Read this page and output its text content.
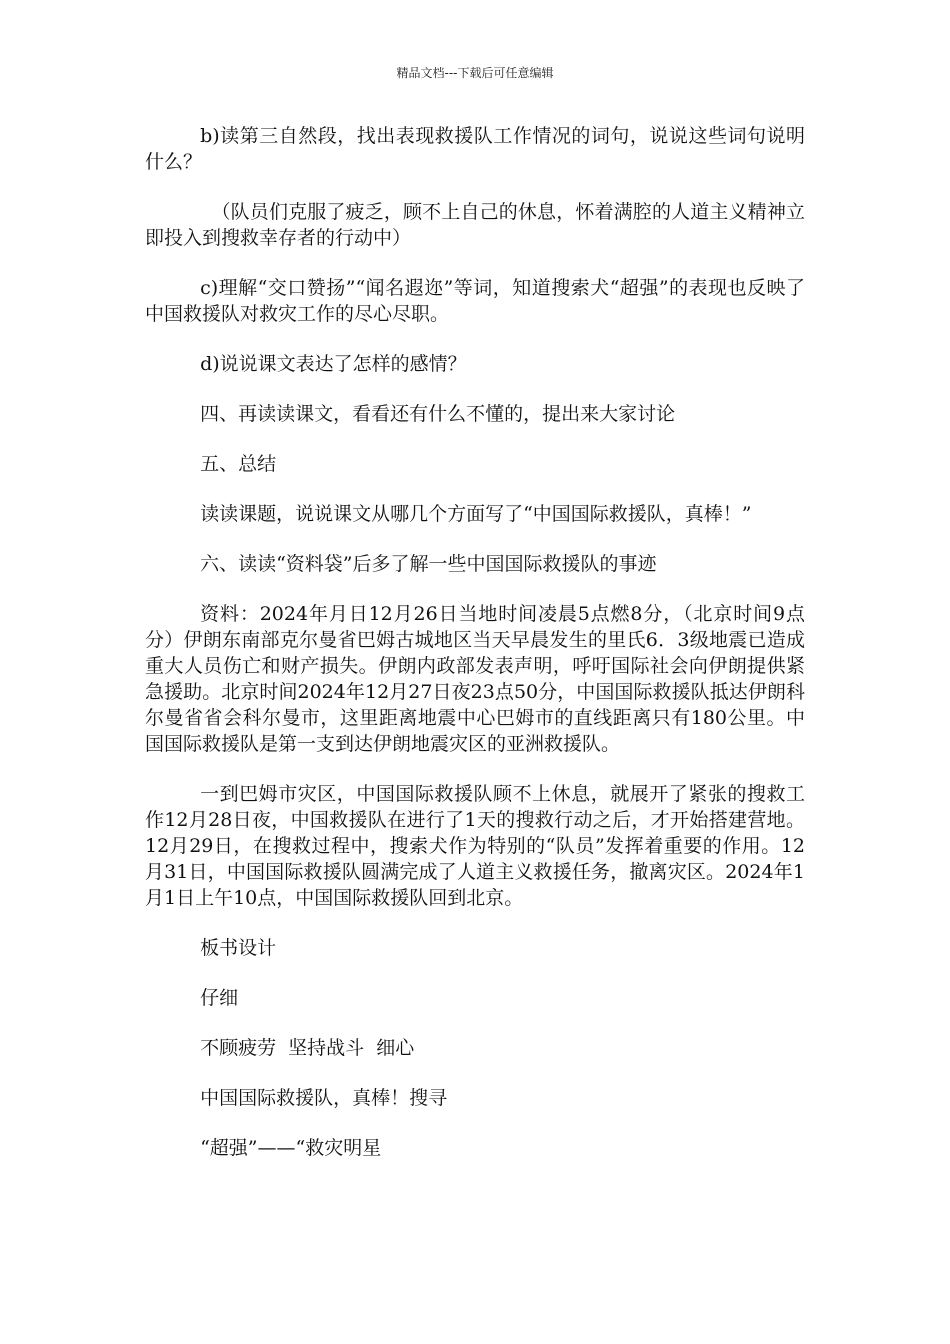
精品文档---下载后可任意编辑

b)读第三自然段，找出表现救援队工作情况的词句，说说这些词句说明什么？

（队员们克服了疲乏，顾不上自己的休息，怀着满腔的人道主义精神立即投入到搜救幸存者的行动中）

c)理解“交口赞扬”“闻名遐迩”等词，知道搜索犬“超强”的表现也反映了中国救援队对救灾工作的尽心尽职。

d)说说课文表达了怎样的感情？

四、再读读课文，看看还有什么不懂的，提出来大家讨论

五、总结

读读课题，说说课文从哪几个方面写了“中国国际救援队，真棒！”

六、读读“资料袋”后多了解一些中国国际救援队的事迹

资料：2024年月日12月26日当地时间凌晨5点燃8分，（北京时间9点分）伊朗东南部克尔曼省巴姆古城地区当天早晨发生的里氏6．3级地震已造成重大人员伤亡和财产损失。伊朗内政部发表声明，呼吁国际社会向伊朗提供紧急援助。北京时间2024年12月27日夜23点50分，中国国际救援队抵达伊朗科尔曼省省会科尔曼市，这里距离地震中心巴姆市的直线距离只有180公里。中国国际救援队是第一支到达伊朗地震灾区的亚洲救援队。

一到巴姆市灾区，中国国际救援队顾不上休息，就展开了紧张的搜救工作12月28日夜，中国救援队在进行了1天的搜救行动之后，才开始搭建营地。12月29日，在搜救过程中，搜索犬作为特别的“队员”发挥着重要的作用。12月31日，中国国际救援队圆满完成了人道主义救援任务，撤离灾区。2024年1月1日上午10点，中国国际救援队回到北京。

板书设计

仔细

不顾疲劳  坚持战斗  细心

中国国际救援队，真棒！搜寻

“超强”——“救灾明星
